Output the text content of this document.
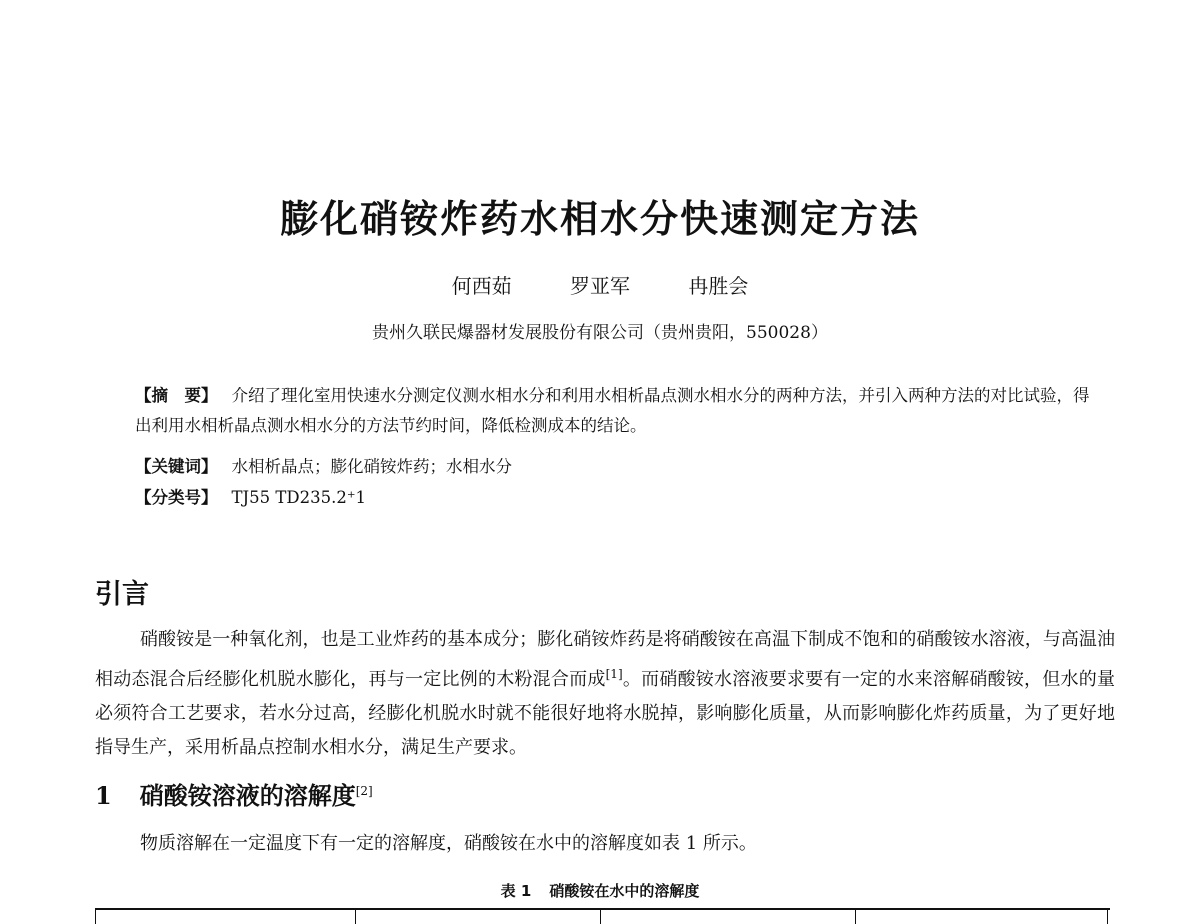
膨化硝铵炸药水相水分快速测定方法
何西茹	罗亚军	冉胜会
贵州久联民爆器材发展股份有限公司（贵州贵阳，550028）
【摘　要】 介绍了理化室用快速水分测定仪测水相水分和利用水相析晶点测水相水分的两种方法，并引入两种方法的对比试验，得出利用水相析晶点测水相水分的方法节约时间，降低检测成本的结论。
【关键词】 水相析晶点；膨化硝铵炸药；水相水分
【分类号】 TJ55 TD235.2⁺1
引言
硝酸铵是一种氧化剂，也是工业炸药的基本成分；膨化硝铵炸药是将硝酸铵在高温下制成不饱和的硝酸铵水溶液，与高温油相动态混合后经膨化机脱水膨化，再与一定比例的木粉混合而成[1]。而硝酸铵水溶液要求要有一定的水来溶解硝酸铵，但水的量必须符合工艺要求，若水分过高，经膨化机脱水时就不能很好地将水脱掉，影响膨化质量，从而影响膨化炸药质量，为了更好地指导生产，采用析晶点控制水相水分，满足生产要求。
1 硝酸铵溶液的溶解度[2]
物质溶解在一定温度下有一定的溶解度，硝酸铵在水中的溶解度如表 1 所示。
表 1 硝酸铵在水中的溶解度
